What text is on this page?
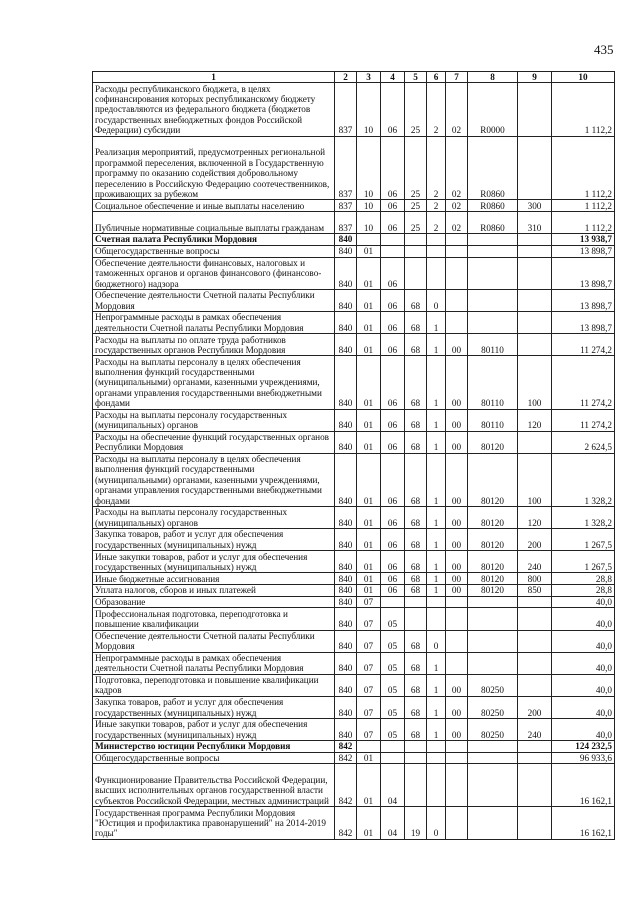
435
1	2	3	4	5	6	7	8	9	10
Расходы республиканского бюджета, в целях софинансирования которых республиканскому бюджету предоставляются из федерального бюджета (бюджетов государственных внебюджетных фондов Российской Федерации) субсидии	837	10	06	25	2	02	R0000		1 112,2
Реализация мероприятий, предусмотренных региональной программой переселения, включенной в Государственную программу по оказанию содействия добровольному переселению в Российскую Федерацию соотечественников, проживающих за рубежом	837	10	06	25	2	02	R0860		1 112,2
Социальное обеспечение и иные выплаты населению	837	10	06	25	2	02	R0860	300	1 112,2
Публичные нормативные социальные выплаты гражданам	837	10	06	25	2	02	R0860	310	1 112,2
Счетная палата Республики Мордовия	840								13 938,7
Общегосударственные вопросы	840	01							13 898,7
Обеспечение деятельности финансовых, налоговых и таможенных органов и органов финансового (финансово-бюджетного) надзора	840	01	06						13 898,7
Обеспечение деятельности Счетной палаты Республики Мордовия	840	01	06	68	0				13 898,7
Непрограммные расходы в рамках обеспечения деятельности Счетной палаты Республики Мордовия	840	01	06	68	1				13 898,7
Расходы на выплаты по оплате труда работников государственных органов Республики Мордовия	840	01	06	68	1	00	80110		11 274,2
Расходы на выплаты персоналу в целях обеспечения выполнения функций государственными (муниципальными) органами, казенными учреждениями, органами управления государственными внебюджетными фондами	840	01	06	68	1	00	80110	100	11 274,2
Расходы на выплаты персоналу государственных (муниципальных) органов	840	01	06	68	1	00	80110	120	11 274,2
Расходы на обеспечение функций государственных органов Республики Мордовия	840	01	06	68	1	00	80120		2 624,5
Расходы на выплаты персоналу в целях обеспечения выполнения функций государственными (муниципальными) органами, казенными учреждениями, органами управления государственными внебюджетными фондами	840	01	06	68	1	00	80120	100	1 328,2
Расходы на выплаты персоналу государственных (муниципальных) органов	840	01	06	68	1	00	80120	120	1 328,2
Закупка товаров, работ и услуг для обеспечения государственных (муниципальных) нужд	840	01	06	68	1	00	80120	200	1 267,5
Иные закупки товаров, работ и услуг для обеспечения государственных (муниципальных) нужд	840	01	06	68	1	00	80120	240	1 267,5
Иные бюджетные ассигнования	840	01	06	68	1	00	80120	800	28,8
Уплата налогов, сборов и иных платежей	840	01	06	68	1	00	80120	850	28,8
Образование	840	07							40,0
Профессиональная подготовка, переподготовка и повышение квалификации	840	07	05						40,0
Обеспечение деятельности Счетной палаты Республики Мордовия	840	07	05	68	0				40,0
Непрограммные расходы в рамках обеспечения деятельности Счетной палаты Республики Мордовия	840	07	05	68	1				40,0
Подготовка, переподготовка и повышение квалификации кадров	840	07	05	68	1	00	80250		40,0
Закупка товаров, работ и услуг для обеспечения государственных (муниципальных) нужд	840	07	05	68	1	00	80250	200	40,0
Иные закупки товаров, работ и услуг для обеспечения государственных (муниципальных) нужд	840	07	05	68	1	00	80250	240	40,0
Министерство юстиции Республики Мордовия	842								124 232,5
Общегосударственные вопросы	842	01							96 933,6
Функционирование Правительства Российской Федерации, высших исполнительных органов государственной власти субъектов Российской Федерации, местных администраций	842	01	04						16 162,1
Государственная программа Республики Мордовия "Юстиция и профилактика правонарушений" на 2014-2019 годы"	842	01	04	19	0				16 162,1
